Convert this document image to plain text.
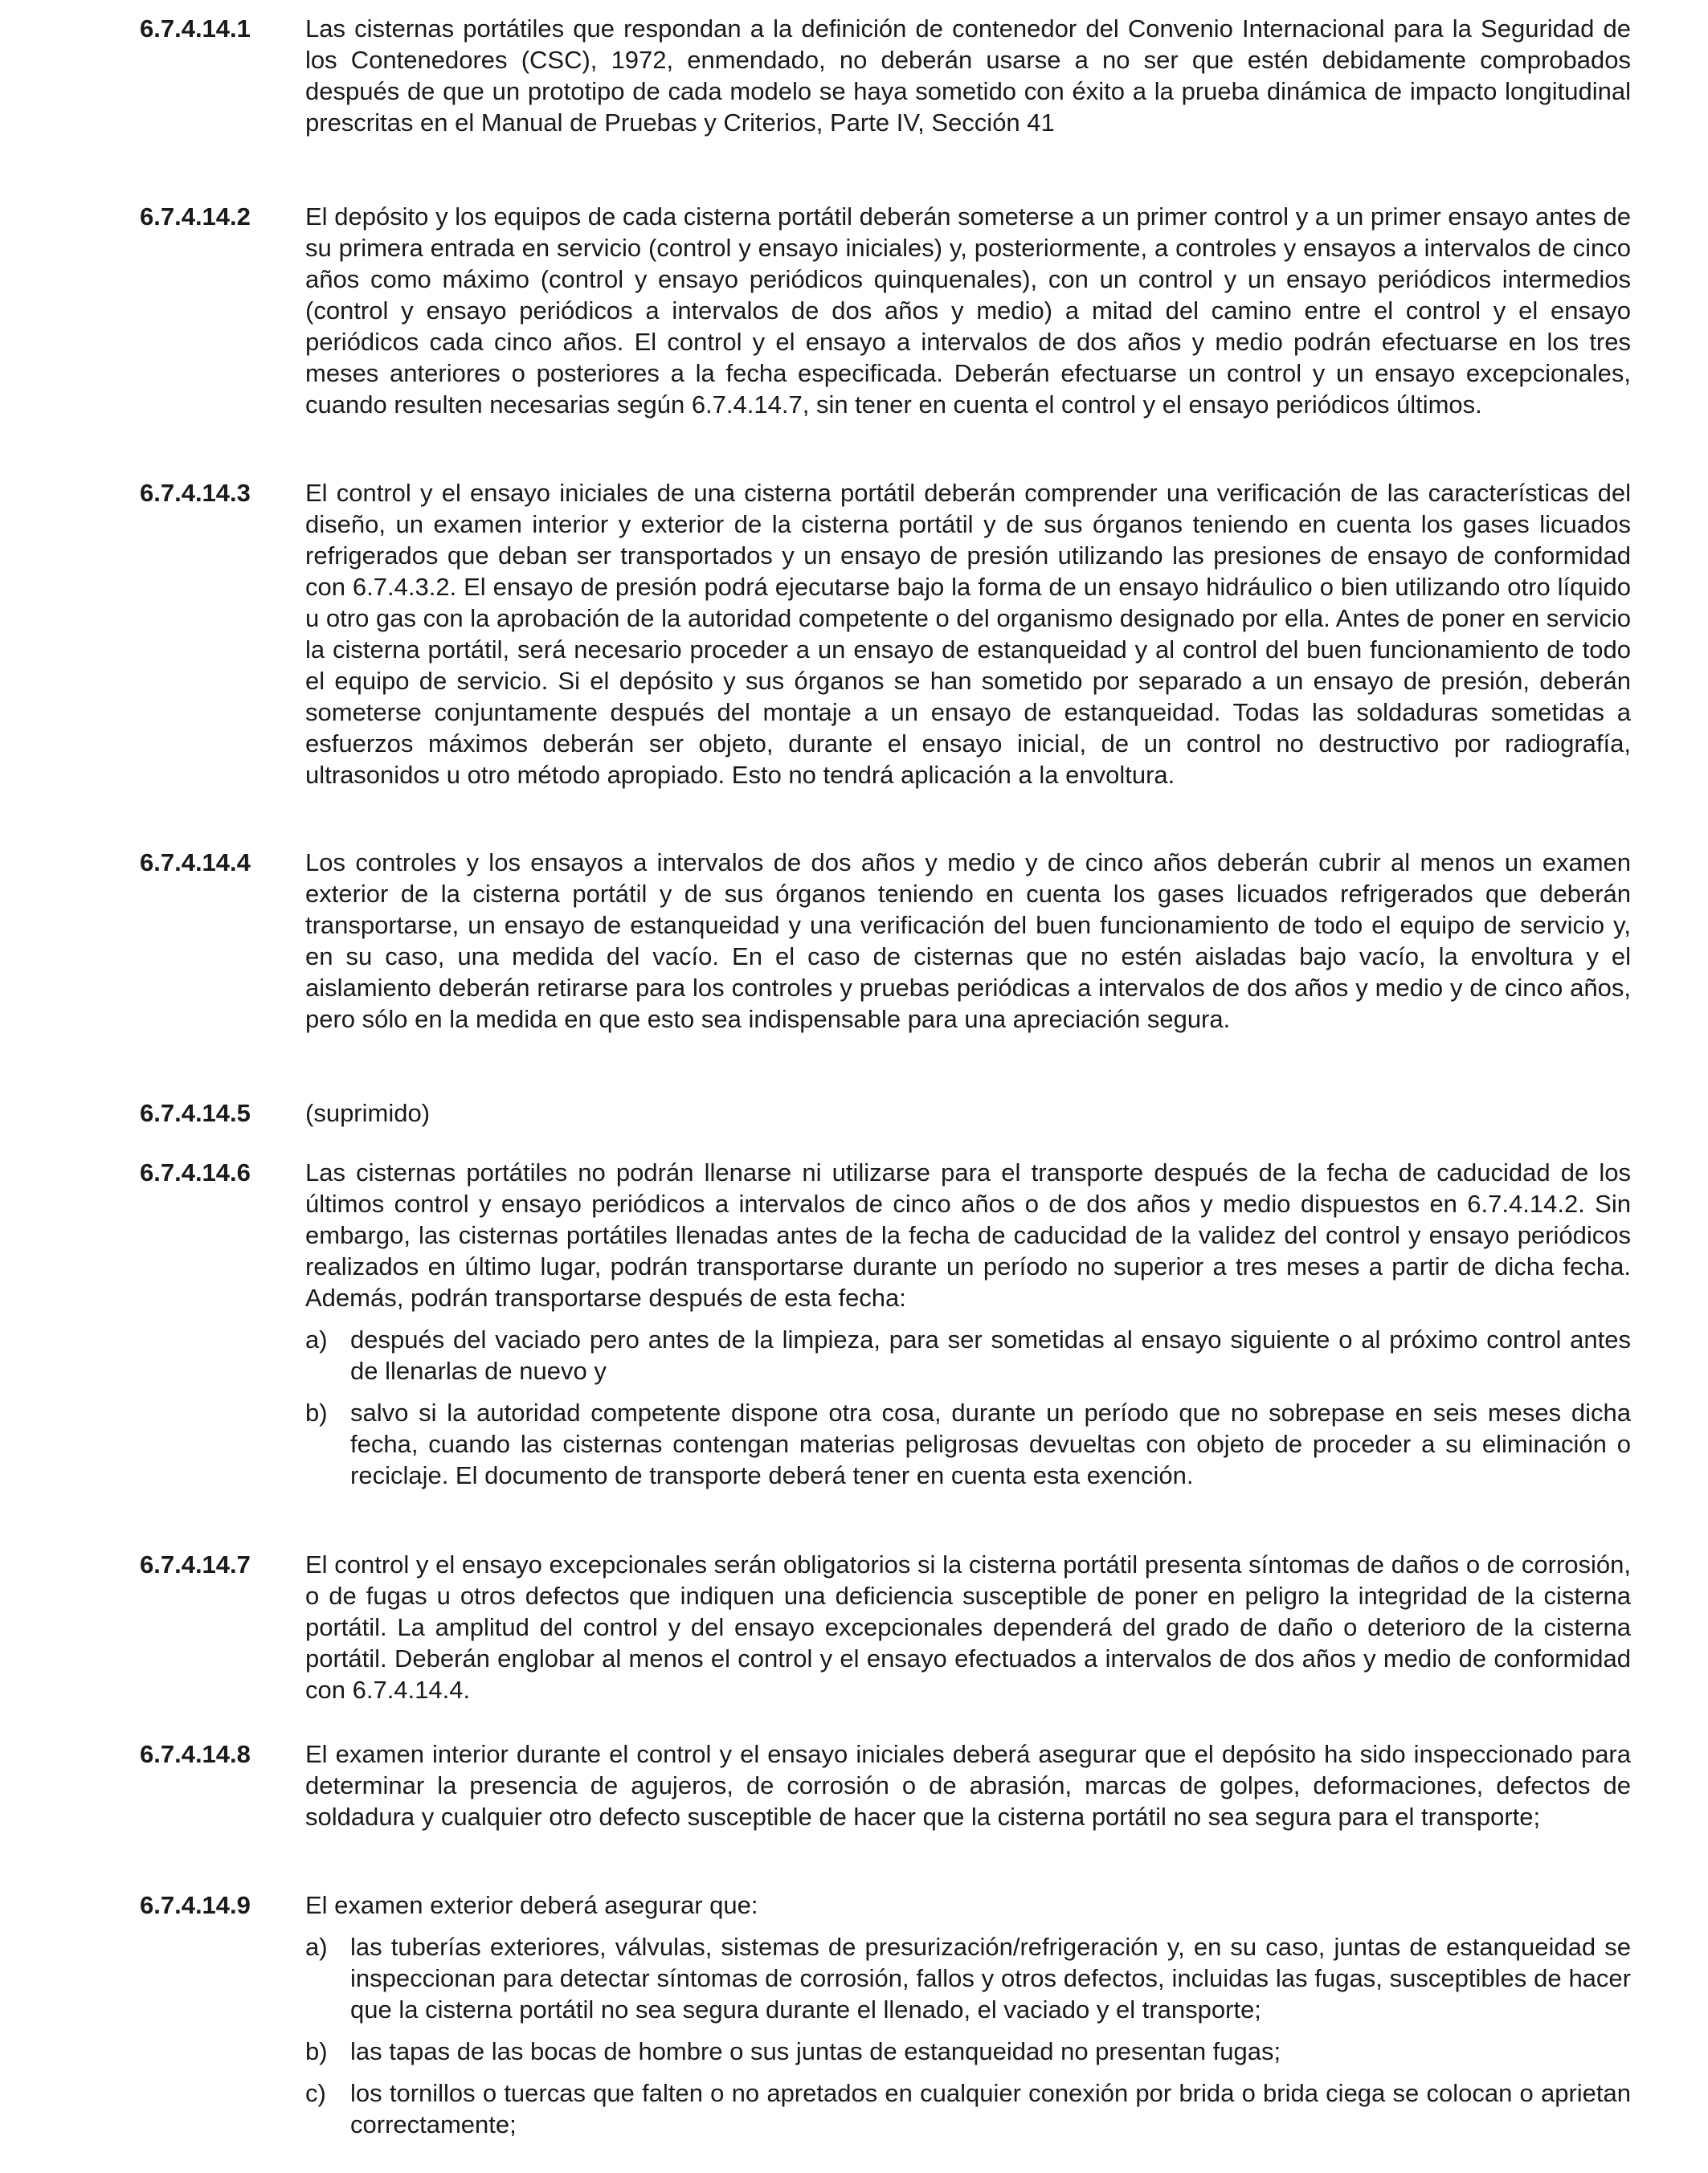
6.7.4.14.1	Las cisternas portátiles que respondan a la definición de contenedor del Convenio Internacional para la Seguridad de los Contenedores (CSC), 1972, enmendado, no deberán usarse a no ser que estén debidamente comprobados después de que un prototipo de cada modelo se haya sometido con éxito a la prueba dinámica de impacto longitudinal prescritas en el Manual de Pruebas y Criterios, Parte IV, Sección 41
6.7.4.14.2	El depósito y los equipos de cada cisterna portátil deberán someterse a un primer control y a un primer ensayo antes de su primera entrada en servicio (control y ensayo iniciales) y, posteriormente, a controles y ensayos a intervalos de cinco años como máximo (control y ensayo periódicos quinquenales), con un control y un ensayo periódicos intermedios (control y ensayo periódicos a intervalos de dos años y medio) a mitad del camino entre el control y el ensayo periódicos cada cinco años. El control y el ensayo a intervalos de dos años y medio podrán efectuarse en los tres meses anteriores o posteriores a la fecha especificada. Deberán efectuarse un control y un ensayo excepcionales, cuando resulten necesarias según 6.7.4.14.7, sin tener en cuenta el control y el ensayo periódicos últimos.
6.7.4.14.3	El control y el ensayo iniciales de una cisterna portátil deberán comprender una verificación de las características del diseño, un examen interior y exterior de la cisterna portátil y de sus órganos teniendo en cuenta los gases licuados refrigerados que deban ser transportados y un ensayo de presión utilizando las presiones de ensayo de conformidad con 6.7.4.3.2. El ensayo de presión podrá ejecutarse bajo la forma de un ensayo hidráulico o bien utilizando otro líquido u otro gas con la aprobación de la autoridad competente o del organismo designado por ella. Antes de poner en servicio la cisterna portátil, será necesario proceder a un ensayo de estanqueidad y al control del buen funcionamiento de todo el equipo de servicio. Si el depósito y sus órganos se han sometido por separado a un ensayo de presión, deberán someterse conjuntamente después del montaje a un ensayo de estanqueidad. Todas las soldaduras sometidas a esfuerzos máximos deberán ser objeto, durante el ensayo inicial, de un control no destructivo por radiografía, ultrasonidos u otro método apropiado. Esto no tendrá aplicación a la envoltura.
6.7.4.14.4	Los controles y los ensayos a intervalos de dos años y medio y de cinco años deberán cubrir al menos un examen exterior de la cisterna portátil y de sus órganos teniendo en cuenta los gases licuados refrigerados que deberán transportarse, un ensayo de estanqueidad y una verificación del buen funcionamiento de todo el equipo de servicio y, en su caso, una medida del vacío. En el caso de cisternas que no estén aisladas bajo vacío, la envoltura y el aislamiento deberán retirarse para los controles y pruebas periódicas a intervalos de dos años y medio y de cinco años, pero sólo en la medida en que esto sea indispensable para una apreciación segura.
6.7.4.14.5	(suprimido)
6.7.4.14.6	Las cisternas portátiles no podrán llenarse ni utilizarse para el transporte después de la fecha de caducidad de los últimos control y ensayo periódicos a intervalos de cinco años o de dos años y medio dispuestos en 6.7.4.14.2. Sin embargo, las cisternas portátiles llenadas antes de la fecha de caducidad de la validez del control y ensayo periódicos realizados en último lugar, podrán transportarse durante un período no superior a tres meses a partir de dicha fecha. Además, podrán transportarse después de esta fecha:
a) después del vaciado pero antes de la limpieza, para ser sometidas al ensayo siguiente o al próximo control antes de llenarlas de nuevo y
b) salvo si la autoridad competente dispone otra cosa, durante un período que no sobrepase en seis meses dicha fecha, cuando las cisternas contengan materias peligrosas devueltas con objeto de proceder a su eliminación o reciclaje. El documento de transporte deberá tener en cuenta esta exención.
6.7.4.14.7	El control y el ensayo excepcionales serán obligatorios si la cisterna portátil presenta síntomas de daños o de corrosión, o de fugas u otros defectos que indiquen una deficiencia susceptible de poner en peligro la integridad de la cisterna portátil. La amplitud del control y del ensayo excepcionales dependerá del grado de daño o deterioro de la cisterna portátil. Deberán englobar al menos el control y el ensayo efectuados a intervalos de dos años y medio de conformidad con 6.7.4.14.4.
6.7.4.14.8	El examen interior durante el control y el ensayo iniciales deberá asegurar que el depósito ha sido inspeccionado para determinar la presencia de agujeros, de corrosión o de abrasión, marcas de golpes, deformaciones, defectos de soldadura y cualquier otro defecto susceptible de hacer que la cisterna portátil no sea segura para el transporte;
6.7.4.14.9	El examen exterior deberá asegurar que:
a) las tuberías exteriores, válvulas, sistemas de presurización/refrigeración y, en su caso, juntas de estanqueidad se inspeccionan para detectar síntomas de corrosión, fallos y otros defectos, incluidas las fugas, susceptibles de hacer que la cisterna portátil no sea segura durante el llenado, el vaciado y el transporte;
b) las tapas de las bocas de hombre o sus juntas de estanqueidad no presentan fugas;
c) los tornillos o tuercas que falten o no apretados en cualquier conexión por brida o brida ciega se colocan o aprietan correctamente;
